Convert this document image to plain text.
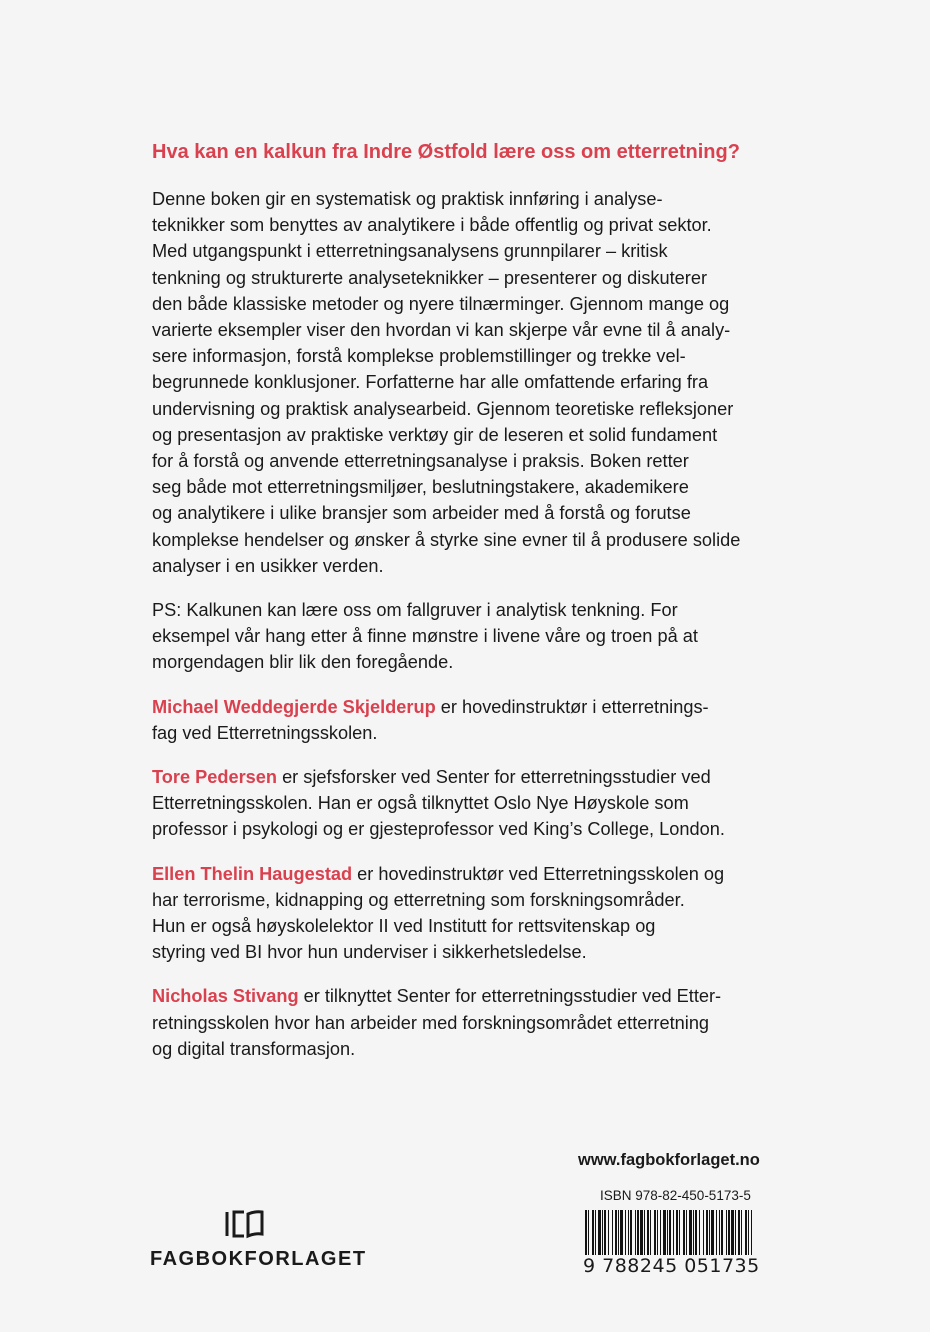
Hva kan en kalkun fra Indre Østfold lære oss om etterretning?
Denne boken gir en systematisk og praktisk innføring i analyse-
teknikker som benyttes av analytikere i både offentlig og privat sektor.
Med utgangspunkt i etterretningsanalysens grunnpilarer – kritisk
tenkning og strukturerte analyseteknikker – presenterer og diskuterer
den både klassiske metoder og nyere tilnærminger. Gjennom mange og
varierte eksempler viser den hvordan vi kan skjerpe vår evne til å analy-
sere informasjon, forstå komplekse problemstillinger og trekke vel-
begrunnede konklusjoner. Forfatterne har alle omfattende erfaring fra
undervisning og praktisk analysearbeid. Gjennom teoretiske refleksjoner
og presentasjon av praktiske verktøy gir de leseren et solid fundament
for å forstå og anvende etterretningsanalyse i praksis. Boken retter
seg både mot etterretningsmiljøer, beslutningstakere, akademikere
og analytikere i ulike bransjer som arbeider med å forstå og forutse
komplekse hendelser og ønsker å styrke sine evner til å produsere solide
analyser i en usikker verden.
PS: Kalkunen kan lære oss om fallgruver i analytisk tenkning. For
eksempel vår hang etter å finne mønstre i livene våre og troen på at
morgendagen blir lik den foregående.
Michael Weddegjerde Skjelderup er hovedinstruktør i etterretnings-
fag ved Etterretningsskolen.
Tore Pedersen er sjefsforsker ved Senter for etterretningsstudier ved
Etterretningsskolen. Han er også tilknyttet Oslo Nye Høyskole som
professor i psykologi og er gjesteprofessor ved King’s College, London.
Ellen Thelin Haugestad er hovedinstruktør ved Etterretningsskolen og
har terrorisme, kidnapping og etterretning som forskningsområder.
Hun er også høyskolelektor II ved Institutt for rettsvitenskap og
styring ved BI hvor hun underviser i sikkerhetsledelse.
Nicholas Stivang er tilknyttet Senter for etterretningsstudier ved Etter-
retningsskolen hvor han arbeider med forskningsområdet etterretning
og digital transformasjon.
www.fagbokforlaget.no
ISBN 978-82-450-5173-5
9 788245 051735
FAGBOKFORLAGET
